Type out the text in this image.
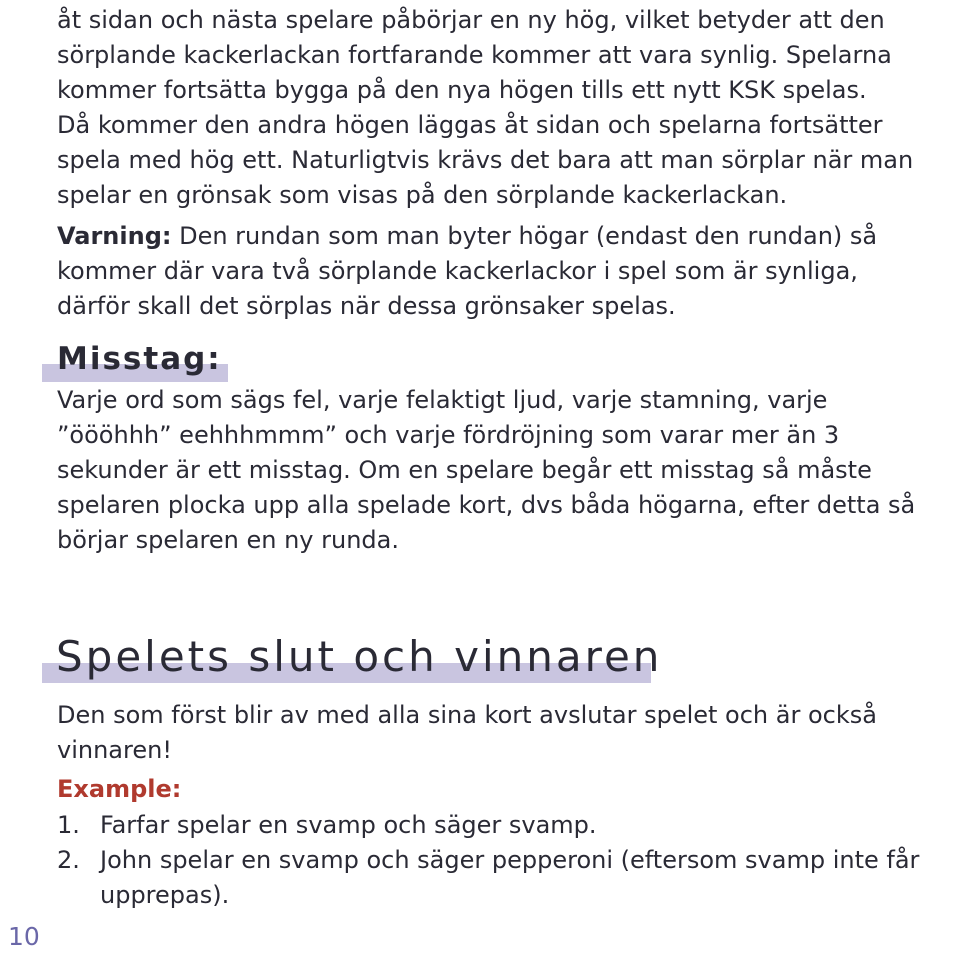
åt sidan och nästa spelare påbörjar en ny hög, vilket betyder att den
sörplande kackerlackan fortfarande kommer att vara synlig. Spelarna
kommer fortsätta bygga på den nya högen tills ett nytt KSK spelas.
Då kommer den andra högen läggas åt sidan och spelarna fortsätter
spela med hög ett. Naturligtvis krävs det bara att man sörplar när man
spelar en grönsak som visas på den sörplande kackerlackan.

Varning: Den rundan som man byter högar (endast den rundan) så
kommer där vara två sörplande kackerlackor i spel som är synliga,
därför skall det sörplas när dessa grönsaker spelas.

Misstag:

Varje ord som sägs fel, varje felaktigt ljud, varje stamning, varje
”öööhhh” eehhhmmm” och varje fördröjning som varar mer än 3
sekunder är ett misstag. Om en spelare begår ett misstag så måste
spelaren plocka upp alla spelade kort, dvs båda högarna, efter detta så
börjar spelaren en ny runda.

Spelets slut och vinnaren

Den som först blir av med alla sina kort avslutar spelet och är också
vinnaren!

Example:
1. Farfar spelar en svamp och säger svamp.
2. John spelar en svamp och säger pepperoni (eftersom svamp inte får
upprepas).
10
